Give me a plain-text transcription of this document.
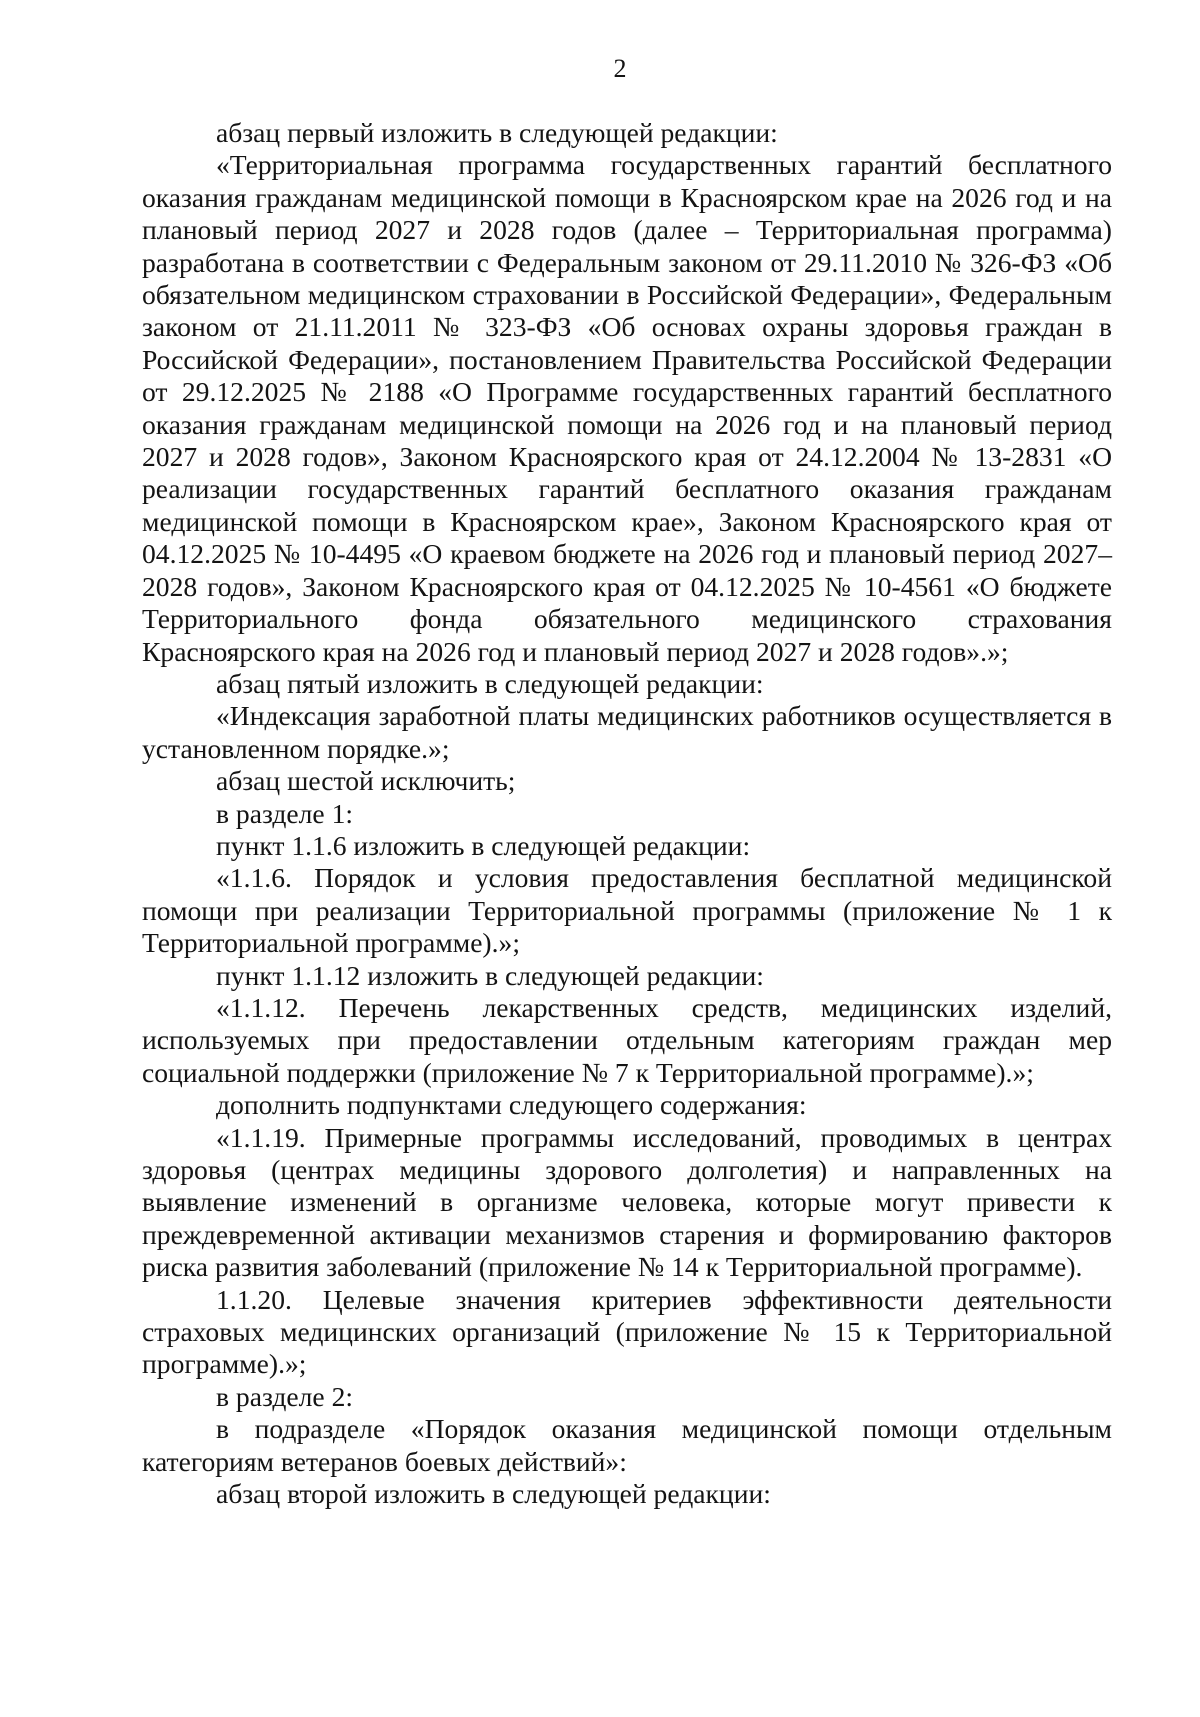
2

абзац первый изложить в следующей редакции:

«Территориальная программа государственных гарантий бесплатного оказания гражданам медицинской помощи в Красноярском крае на 2026 год и на плановый период 2027 и 2028 годов (далее – Территориальная программа) разработана в соответствии с Федеральным законом от 29.11.2010 № 326-ФЗ «Об обязательном медицинском страховании в Российской Федерации», Федеральным законом от 21.11.2011 № 323-ФЗ «Об основах охраны здоровья граждан в Российской Федерации», постановлением Правительства Российской Федерации от 29.12.2025 № 2188 «О Программе государственных гарантий бесплатного оказания гражданам медицинской помощи на 2026 год и на плановый период 2027 и 2028 годов», Законом Красноярского края от 24.12.2004 № 13-2831 «О реализации государственных гарантий бесплатного оказания гражданам медицинской помощи в Красноярском крае», Законом Красноярского края от 04.12.2025 № 10-4495 «О краевом бюджете на 2026 год и плановый период 2027–2028 годов», Законом Красноярского края от 04.12.2025 № 10-4561 «О бюджете Территориального фонда обязательного медицинского страхования Красноярского края на 2026 год и плановый период 2027 и 2028 годов».»;

абзац пятый изложить в следующей редакции:

«Индексация заработной платы медицинских работников осуществляется в установленном порядке.»;

абзац шестой исключить;

в разделе 1:

пункт 1.1.6 изложить в следующей редакции:

«1.1.6. Порядок и условия предоставления бесплатной медицинской помощи при реализации Территориальной программы (приложение № 1 к Территориальной программе).»;

пункт 1.1.12 изложить в следующей редакции:

«1.1.12. Перечень лекарственных средств, медицинских изделий, используемых при предоставлении отдельным категориям граждан мер социальной поддержки (приложение № 7 к Территориальной программе).»;

дополнить подпунктами следующего содержания:

«1.1.19. Примерные программы исследований, проводимых в центрах здоровья (центрах медицины здорового долголетия) и направленных на выявление изменений в организме человека, которые могут привести к преждевременной активации механизмов старения и формированию факторов риска развития заболеваний (приложение № 14 к Территориальной программе).

1.1.20. Целевые значения критериев эффективности деятельности страховых медицинских организаций (приложение № 15 к Территориальной программе).»;

в разделе 2:

в подразделе «Порядок оказания медицинской помощи отдельным категориям ветеранов боевых действий»:

абзац второй изложить в следующей редакции:
